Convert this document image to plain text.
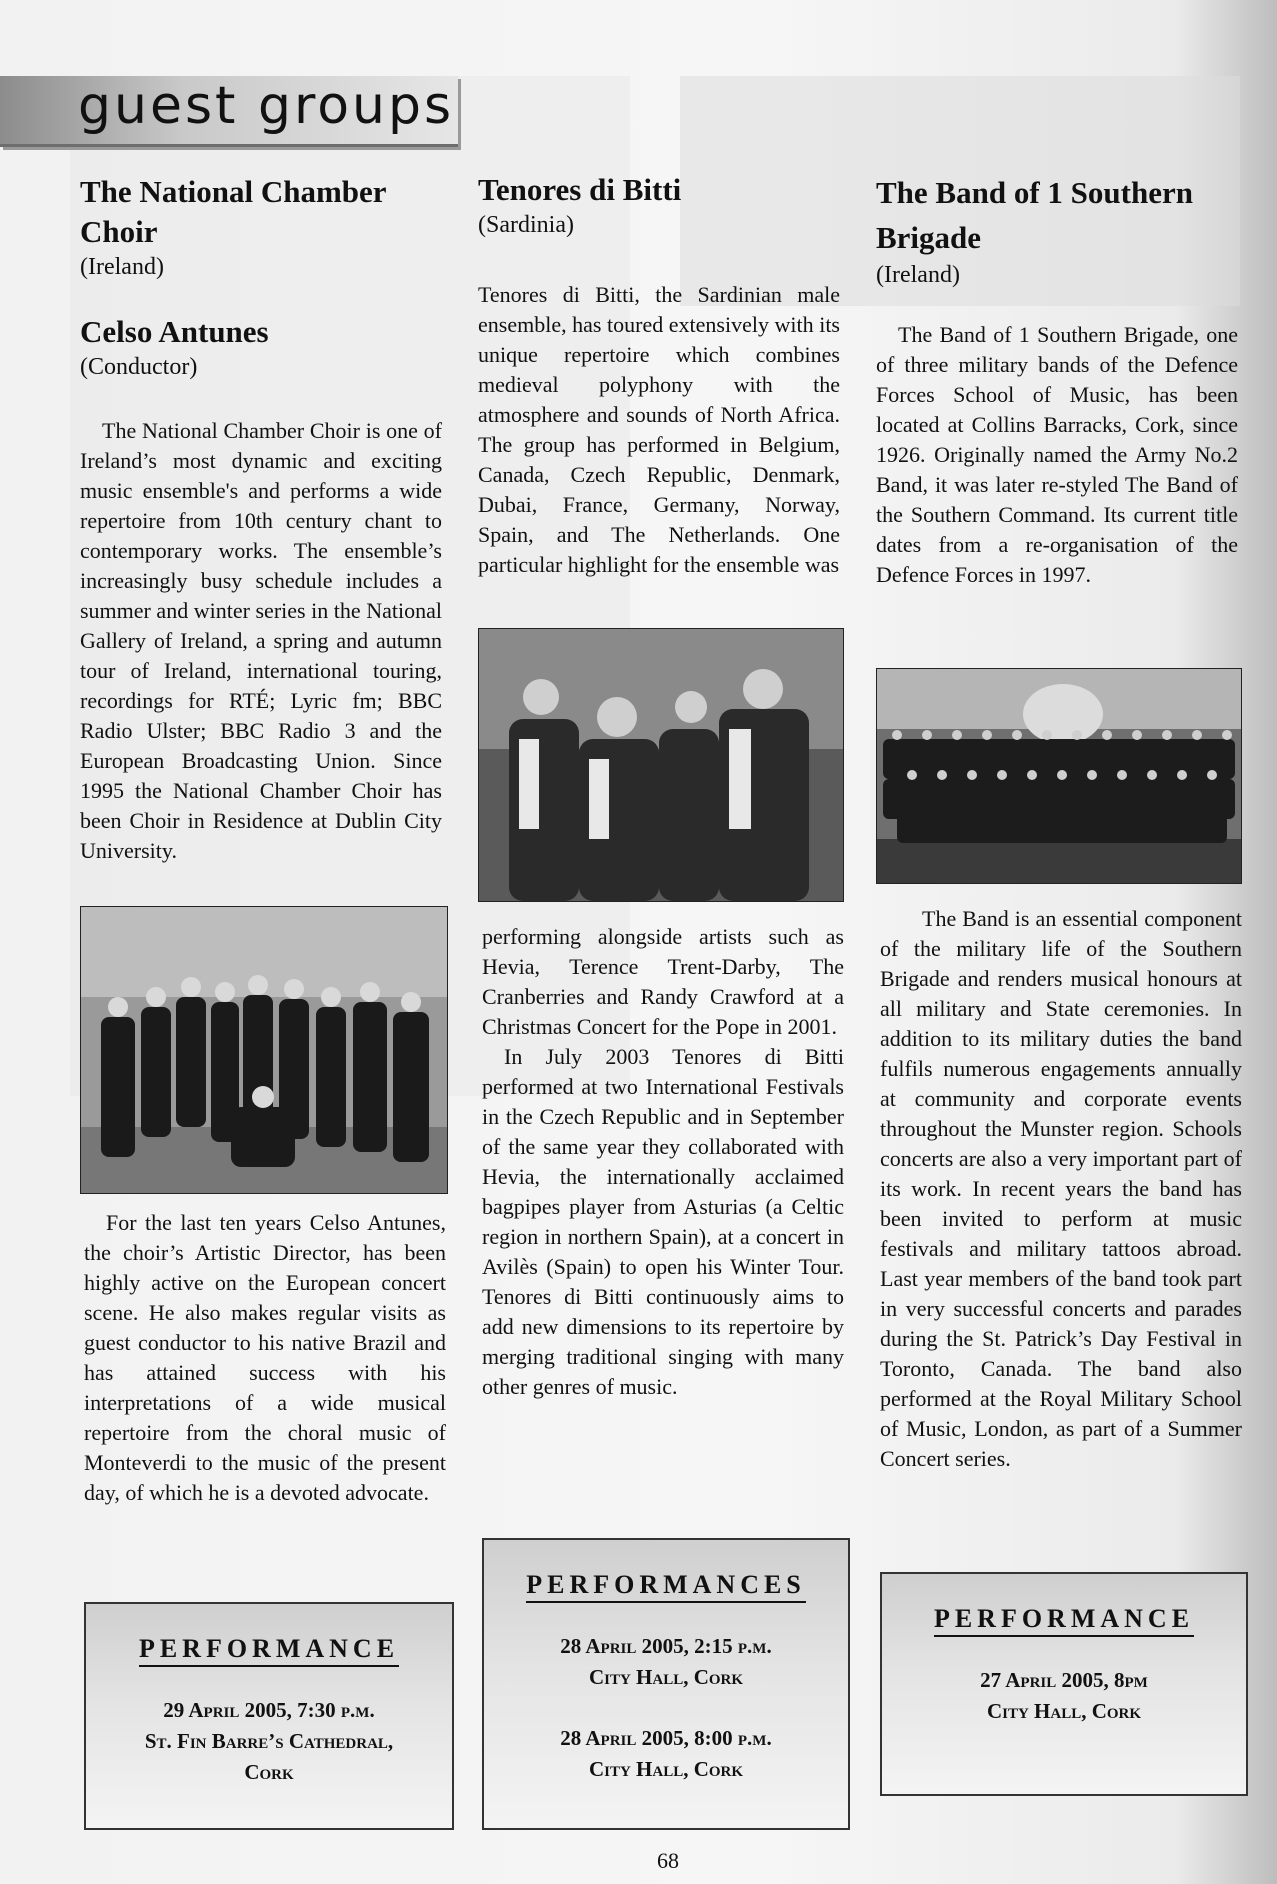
guest groups
The National Chamber Choir

(Ireland)

Celso Antunes

(Conductor)

The National Chamber Choir is one of Ireland’s most dynamic and exciting music ensemble's and performs a wide repertoire from 10th century chant to contemporary works. The ensemble’s increasingly busy schedule includes a summer and winter series in the National Gallery of Ireland, a spring and autumn tour of Ireland, international touring, recordings for RTÉ; Lyric fm; BBC Radio Ulster; BBC Radio 3 and the European Broadcasting Union. Since 1995 the National Chamber Choir has been Choir in Residence at Dublin City University.

For the last ten years Celso Antunes, the choir’s Artistic Director, has been highly active on the European concert scene. He also makes regular visits as guest conductor to his native Brazil and has attained success with his interpretations of a wide musical repertoire from the choral music of Monteverdi to the music of the present day, of which he is a devoted advocate.

PERFORMANCE
29 April 2005, 7:30 p.m.
St. Fin Barre’s Cathedral,
Cork
Tenores di Bitti

(Sardinia)

Tenores di Bitti, the Sardinian male ensemble, has toured extensively with its unique repertoire which combines medieval polyphony with the atmosphere and sounds of North Africa. The group has performed in Belgium, Canada, Czech Republic, Denmark, Dubai, France, Germany, Norway, Spain, and The Netherlands. One particular highlight for the ensemble was

performing alongside artists such as Hevia, Terence Trent-Darby, The Cranberries and Randy Crawford at a Christmas Concert for the Pope in 2001.

In July 2003 Tenores di Bitti performed at two International Festivals in the Czech Republic and in September of the same year they collaborated with Hevia, the internationally acclaimed bagpipes player from Asturias (a Celtic region in northern Spain), at a concert in Avilès (Spain) to open his Winter Tour. Tenores di Bitti continuously aims to add new dimensions to its repertoire by merging traditional singing with many other genres of music.

PERFORMANCES
28 April 2005, 2:15 p.m.
City Hall, Cork
28 April 2005, 8:00 p.m.
City Hall, Cork
The Band of 1 Southern Brigade

(Ireland)

The Band of 1 Southern Brigade, one of three military bands of the Defence Forces School of Music, has been located at Collins Barracks, Cork, since 1926. Originally named the Army No.2 Band, it was later re-styled The Band of the Southern Command. Its current title dates from a re-organisation of the Defence Forces in 1997.

The Band is an essential component of the military life of the Southern Brigade and renders musical honours at all military and State ceremonies. In addition to its military duties the band fulfils numerous engagements annually at community and corporate events throughout the Munster region. Schools concerts are also a very important part of its work. In recent years the band has been invited to perform at music festivals and military tattoos abroad. Last year members of the band took part in very successful concerts and parades during the St. Patrick’s Day Festival in Toronto, Canada. The band also performed at the Royal Military School of Music, London, as part of a Summer Concert series.

PERFORMANCE
27 April 2005, 8pm
City Hall, Cork
68
